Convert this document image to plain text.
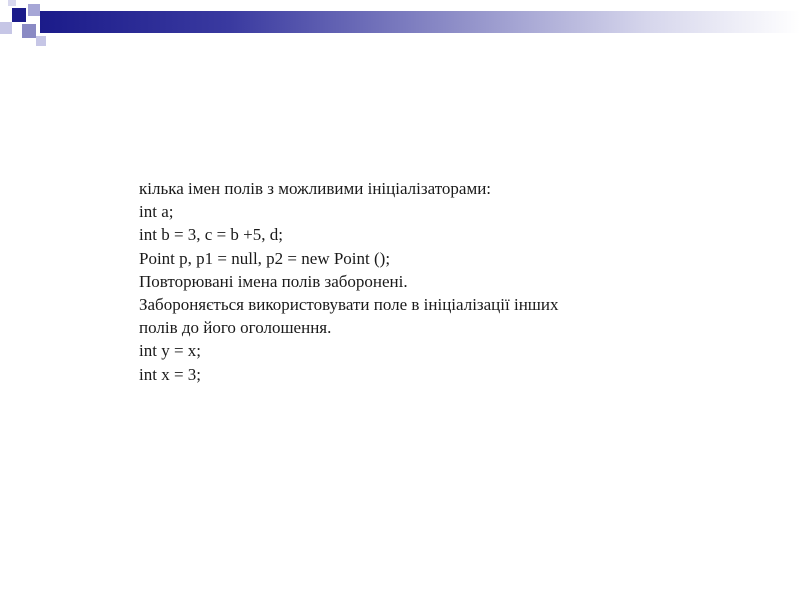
кілька імен полів з можливими ініціалізаторами:
int a;
int b = 3, c = b +5, d;
Point p, p1 = null, p2 = new Point ();
Повторювані імена полів заборонені.
Забороняється використовувати поле в ініціалізації інших
полів до його оголошення.
int y = x;
int x = 3;
